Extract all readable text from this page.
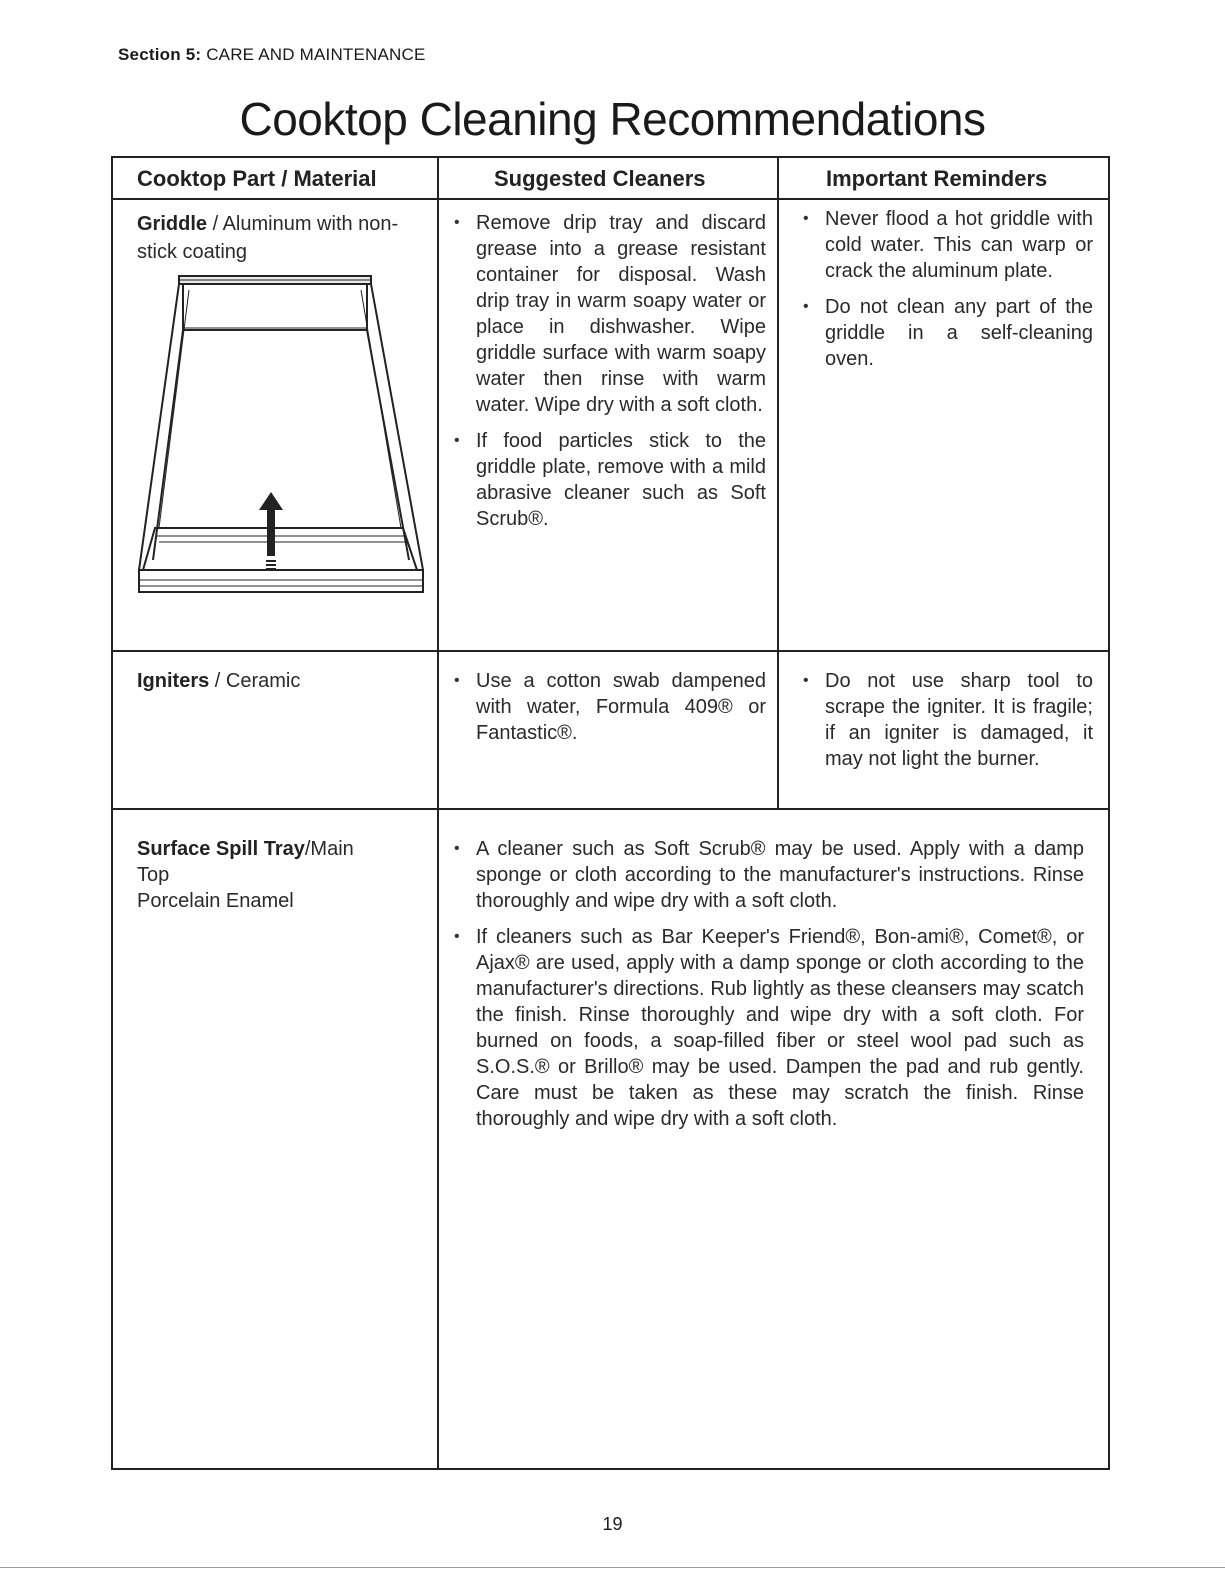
Section 5: CARE AND MAINTENANCE
Cooktop Cleaning Recommendations
Cooktop Part / Material	Suggested Cleaners	Important Reminders
Griddle / Aluminum with non-stick coating
• Remove drip tray and discard grease into a grease resistant container for disposal. Wash drip tray in warm soapy water or place in dishwasher. Wipe griddle surface with warm soapy water then rinse with warm water. Wipe dry with a soft cloth.
• If food particles stick to the griddle plate, remove with a mild abrasive cleaner such as Soft Scrub®.
• Never flood a hot griddle with cold water. This can warp or crack the aluminum plate.
• Do not clean any part of the griddle in a self-cleaning oven.
Igniters / Ceramic
•	Use a cotton swab dampened with water, Formula 409® or Fantastic®.
• Do not use sharp tool to scrape the igniter. It is fragile; if an igniter is damaged, it may not light the burner.
Surface Spill Tray/Main
Top
Porcelain Enamel
• A cleaner such as Soft Scrub® may be used. Apply with a damp sponge or cloth according to the manufacturer's instructions. Rinse thoroughly and wipe dry with a soft cloth.
• If cleaners such as Bar Keeper's Friend®, Bon-ami®, Comet®, or Ajax® are used, apply with a damp sponge or cloth according to the manufacturer's directions. Rub lightly as these cleansers may scatch the finish. Rinse thoroughly and wipe dry with a soft cloth. For burned on foods, a soap-filled fiber or steel wool pad such as S.O.S.® or Brillo® may be used. Dampen the pad and rub gently. Care must be taken as these may scratch the finish. Rinse thoroughly and wipe dry with a soft cloth.
19
